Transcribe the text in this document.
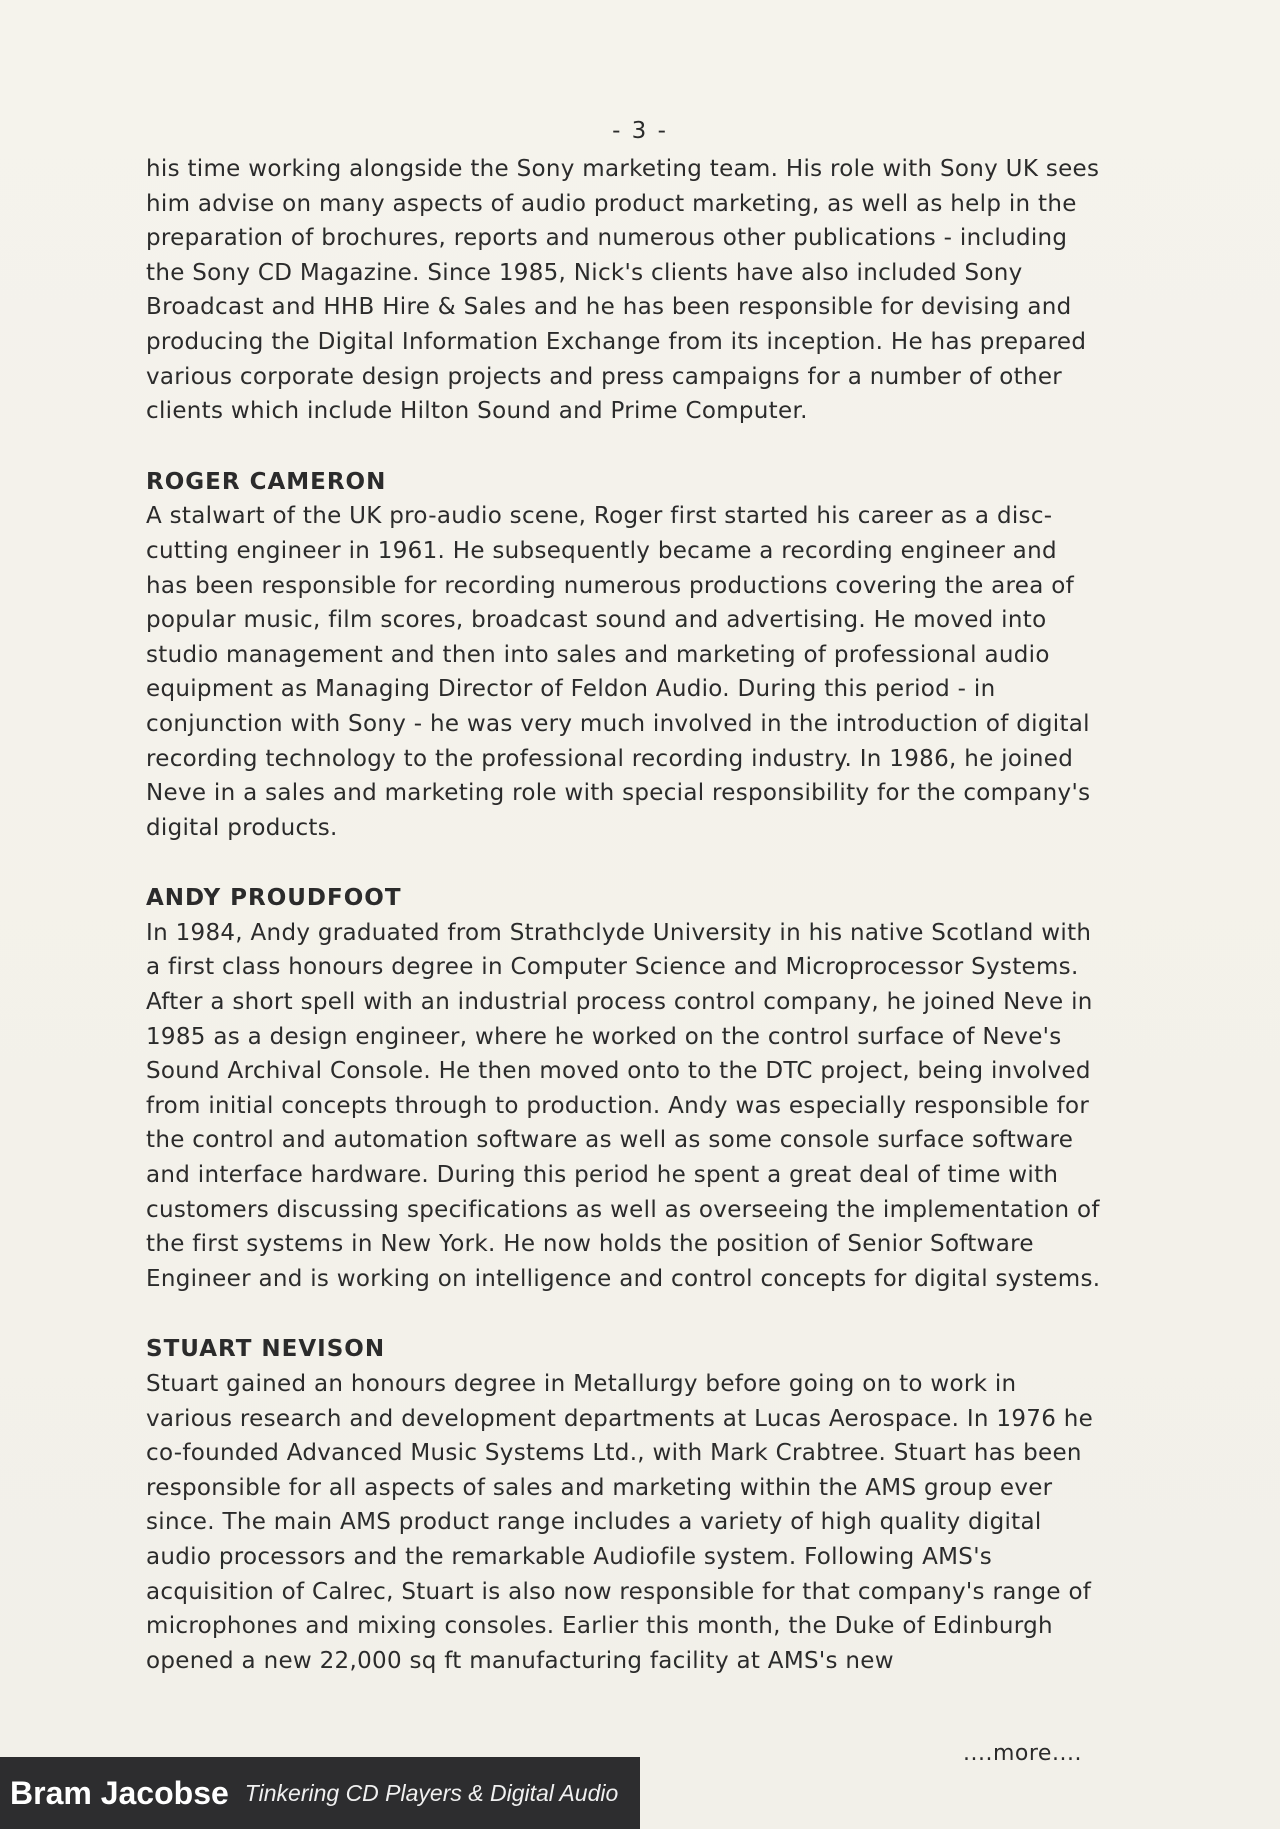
- 3 -

his time working alongside the Sony marketing team. His role with Sony UK sees him advise on many aspects of audio product marketing, as well as help in the preparation of brochures, reports and numerous other publications - including the Sony CD Magazine. Since 1985, Nick's clients have also included Sony Broadcast and HHB Hire & Sales and he has been responsible for devising and producing the Digital Information Exchange from its inception. He has prepared various corporate design projects and press campaigns for a number of other clients which include Hilton Sound and Prime Computer.

ROGER CAMERON

A stalwart of the UK pro-audio scene, Roger first started his career as a disc-cutting engineer in 1961. He subsequently became a recording engineer and has been responsible for recording numerous productions covering the area of popular music, film scores, broadcast sound and advertising. He moved into studio management and then into sales and marketing of professional audio equipment as Managing Director of Feldon Audio. During this period - in conjunction with Sony - he was very much involved in the introduction of digital recording technology to the professional recording industry. In 1986, he joined Neve in a sales and marketing role with special responsibility for the company's digital products.

ANDY PROUDFOOT

In 1984, Andy graduated from Strathclyde University in his native Scotland with a first class honours degree in Computer Science and Microprocessor Systems. After a short spell with an industrial process control company, he joined Neve in 1985 as a design engineer, where he worked on the control surface of Neve's Sound Archival Console. He then moved onto to the DTC project, being involved from initial concepts through to production. Andy was especially responsible for the control and automation software as well as some console surface software and interface hardware. During this period he spent a great deal of time with customers discussing specifications as well as overseeing the implementation of the first systems in New York. He now holds the position of Senior Software Engineer and is working on intelligence and control concepts for digital systems.

STUART NEVISON

Stuart gained an honours degree in Metallurgy before going on to work in various research and development departments at Lucas Aerospace. In 1976 he co-founded Advanced Music Systems Ltd., with Mark Crabtree. Stuart has been responsible for all aspects of sales and marketing within the AMS group ever since. The main AMS product range includes a variety of high quality digital audio processors and the remarkable Audiofile system. Following AMS's acquisition of Calrec, Stuart is also now responsible for that company's range of microphones and mixing consoles. Earlier this month, the Duke of Edinburgh opened a new 22,000 sq ft manufacturing facility at AMS's new

....more....
Bram Jacobse Tinkering CD Players & Digital Audio
